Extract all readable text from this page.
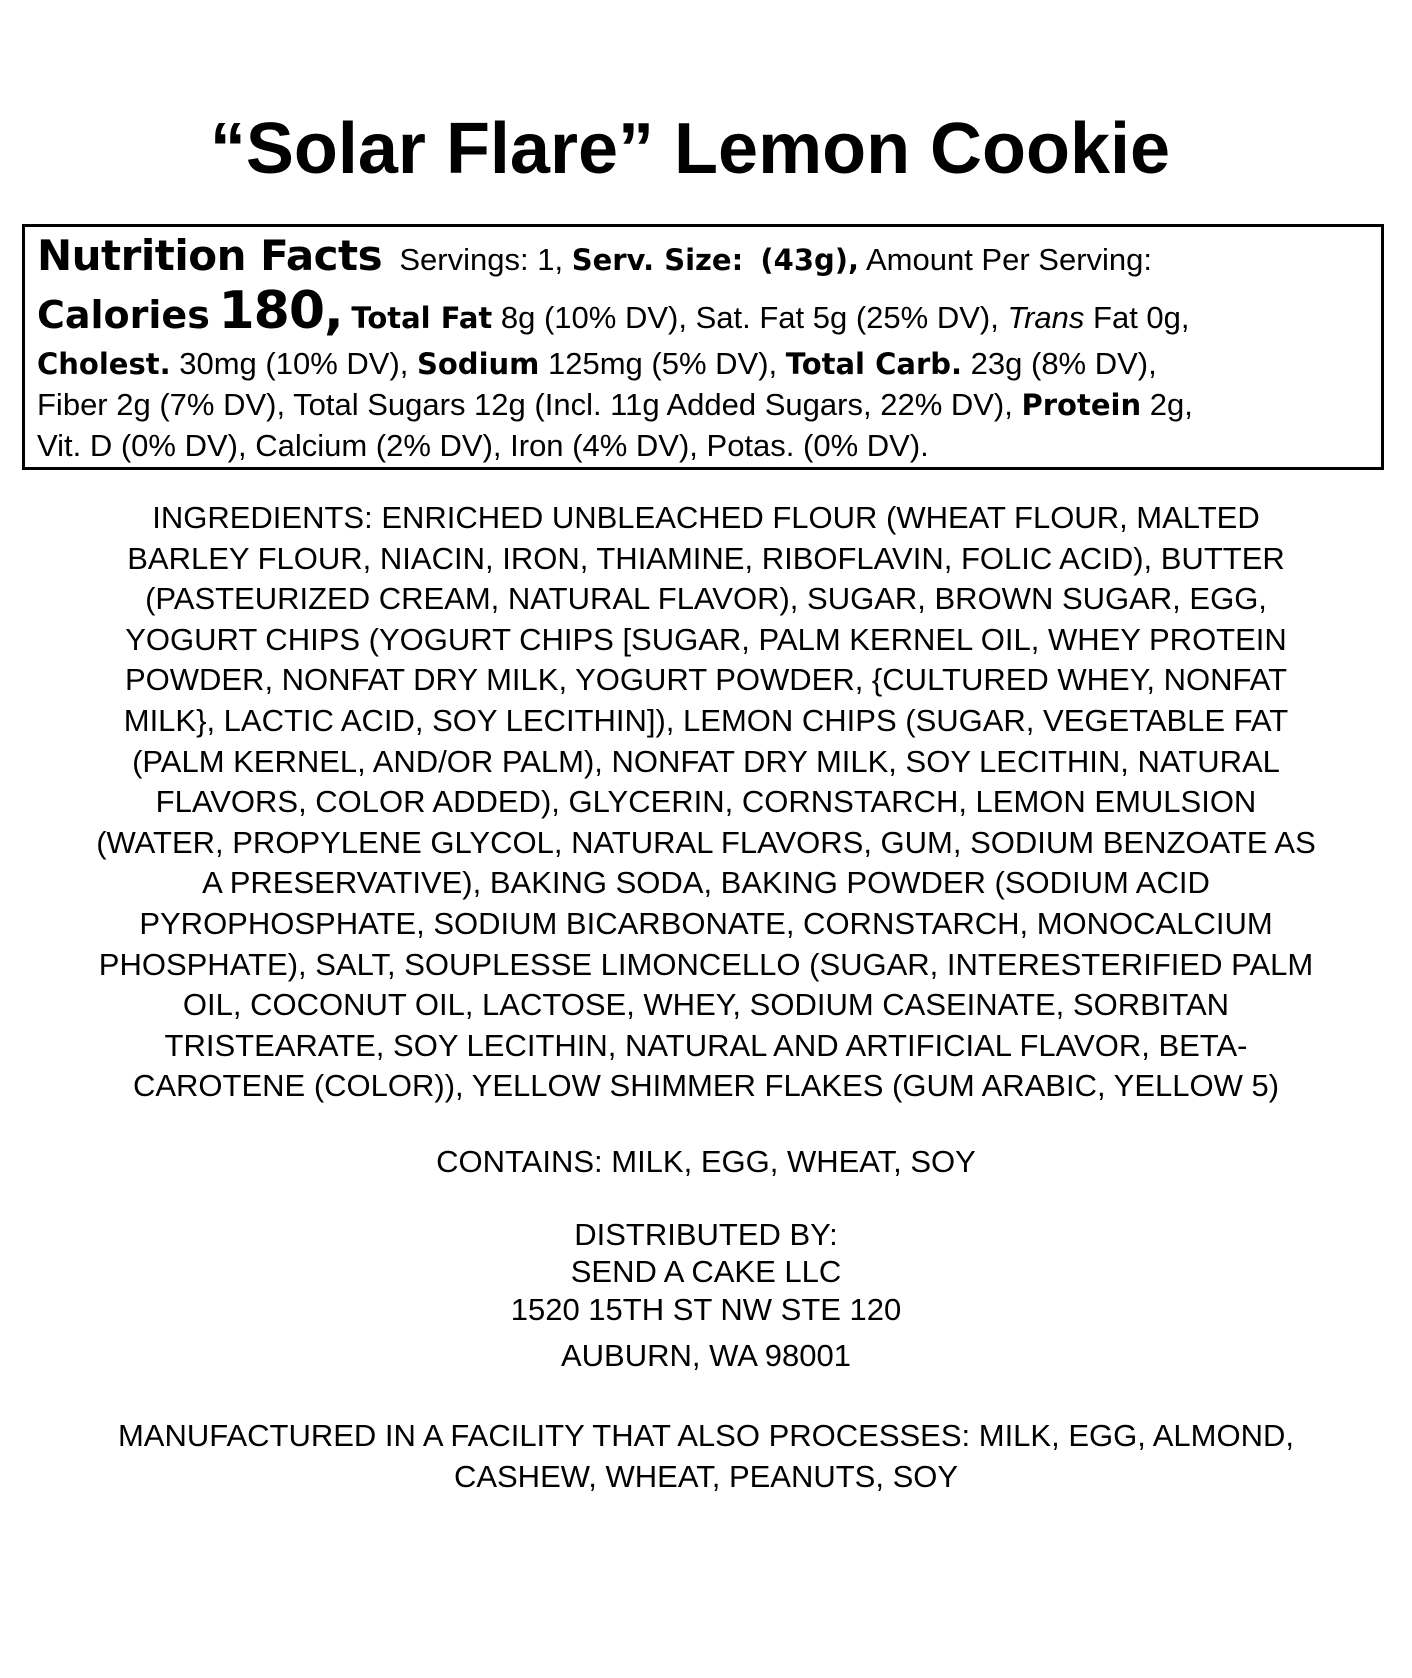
“Solar Flare” Lemon Cookie
Nutrition Facts Servings: 1, Serv. Size: (43g), Amount Per Serving:
Calories 180, Total Fat 8g (10% DV), Sat. Fat 5g (25% DV), Trans Fat 0g,
Cholest. 30mg (10% DV), Sodium 125mg (5% DV), Total Carb. 23g (8% DV),
Fiber 2g (7% DV), Total Sugars 12g (Incl. 11g Added Sugars, 22% DV), Protein 2g,
Vit. D (0% DV), Calcium (2% DV), Iron (4% DV), Potas. (0% DV).
INGREDIENTS: ENRICHED UNBLEACHED FLOUR (WHEAT FLOUR, MALTED
BARLEY FLOUR, NIACIN, IRON, THIAMINE, RIBOFLAVIN, FOLIC ACID), BUTTER
(PASTEURIZED CREAM, NATURAL FLAVOR), SUGAR, BROWN SUGAR, EGG,
YOGURT CHIPS (YOGURT CHIPS [SUGAR, PALM KERNEL OIL, WHEY PROTEIN
POWDER, NONFAT DRY MILK, YOGURT POWDER, {CULTURED WHEY, NONFAT
MILK}, LACTIC ACID, SOY LECITHIN]), LEMON CHIPS (SUGAR, VEGETABLE FAT
(PALM KERNEL, AND/OR PALM), NONFAT DRY MILK, SOY LECITHIN, NATURAL
FLAVORS, COLOR ADDED), GLYCERIN, CORNSTARCH, LEMON EMULSION
(WATER, PROPYLENE GLYCOL, NATURAL FLAVORS, GUM, SODIUM BENZOATE AS
A PRESERVATIVE), BAKING SODA, BAKING POWDER (SODIUM ACID
PYROPHOSPHATE, SODIUM BICARBONATE, CORNSTARCH, MONOCALCIUM
PHOSPHATE), SALT, SOUPLESSE LIMONCELLO (SUGAR, INTERESTERIFIED PALM
OIL, COCONUT OIL, LACTOSE, WHEY, SODIUM CASEINATE, SORBITAN
TRISTEARATE, SOY LECITHIN, NATURAL AND ARTIFICIAL FLAVOR, BETA-
CAROTENE (COLOR)), YELLOW SHIMMER FLAKES (GUM ARABIC, YELLOW 5)
CONTAINS: MILK, EGG, WHEAT, SOY
DISTRIBUTED BY:
SEND A CAKE LLC
1520 15TH ST NW STE 120
AUBURN, WA 98001
MANUFACTURED IN A FACILITY THAT ALSO PROCESSES: MILK, EGG, ALMOND,
CASHEW, WHEAT, PEANUTS, SOY
